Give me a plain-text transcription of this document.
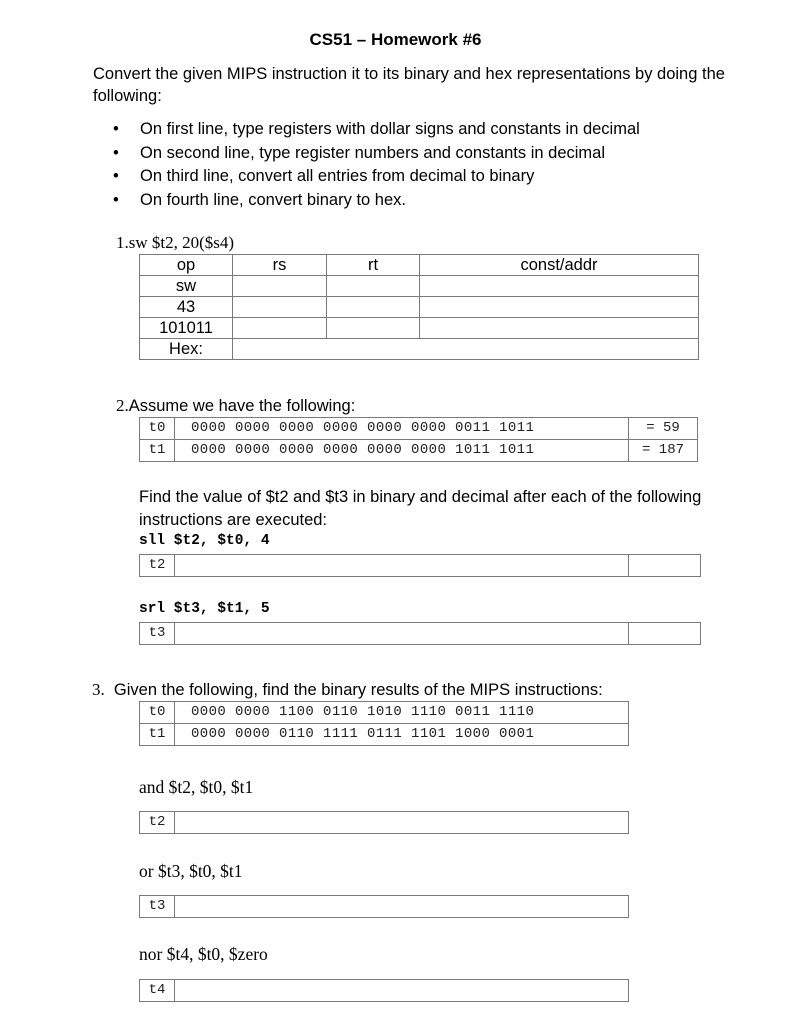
CS51 – Homework #6
Convert the given MIPS instruction it to its binary and hex representations by doing the following:
• On first line, type registers with dollar signs and constants in decimal
• On second line, type register numbers and constants in decimal
• On third line, convert all entries from decimal to binary
• On fourth line, convert binary to hex.
1.sw $t2, 20($s4)
op	rs	rt	const/addr
sw			
43			
101011			
Hex:			
2.Assume we have the following:
t0	0000 0000 0000 0000 0000 0000 0011 1011	= 59
t1	0000 0000 0000 0000 0000 0000 1011 1011	= 187
Find the value of $t2 and $t3 in binary and decimal after each of the following instructions are executed:
sll $t2, $t0, 4
t2		
srl $t3, $t1, 5
t3		
3. Given the following, find the binary results of the MIPS instructions:
t0	0000 0000 1100 0110 1010 1110 0011 1110
t1	0000 0000 0110 1111 0111 1101 1000 0001
and $t2, $t0, $t1
t2	
or $t3, $t0, $t1
t3	
nor $t4, $t0, $zero
t4	
